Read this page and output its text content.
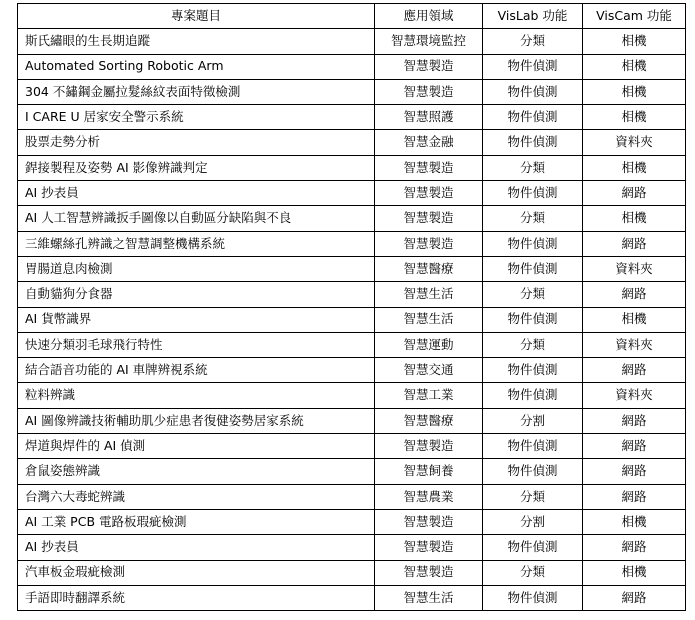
專案題目	應用領域	VisLab 功能	VisCam 功能
斯氏繡眼的生長期追蹤	智慧環境監控	分類	相機
Automated Sorting Robotic Arm	智慧製造	物件偵測	相機
304 不鏽鋼金屬拉髮絲紋表面特徵檢測	智慧製造	物件偵測	相機
I CARE U 居家安全警示系統	智慧照護	物件偵測	相機
股票走勢分析	智慧金融	物件偵測	資料夾
銲接製程及姿勢 AI 影像辨識判定	智慧製造	分類	相機
AI 抄表員	智慧製造	物件偵測	網路
AI 人工智慧辨識扳手圖像以自動區分缺陷與不良	智慧製造	分類	相機
三維螺絲孔辨識之智慧調整機構系統	智慧製造	物件偵測	網路
胃腸道息肉檢測	智慧醫療	物件偵測	資料夾
自動貓狗分食器	智慧生活	分類	網路
AI 貨幣識界	智慧生活	物件偵測	相機
快速分類羽毛球飛行特性	智慧運動	分類	資料夾
結合語音功能的 AI 車牌辨視系統	智慧交通	物件偵測	網路
粒料辨識	智慧工業	物件偵測	資料夾
AI 圖像辨識技術輔助肌少症患者復健姿勢居家系統	智慧醫療	分割	網路
焊道與焊件的 AI 偵測	智慧製造	物件偵測	網路
倉鼠姿態辨識	智慧飼養	物件偵測	網路
台灣六大毒蛇辨識	智慧農業	分類	網路
AI 工業 PCB 電路板瑕疵檢測	智慧製造	分割	相機
AI 抄表員	智慧製造	物件偵測	網路
汽車板金瑕疵檢測	智慧製造	分類	相機
手語即時翻譯系統	智慧生活	物件偵測	網路
